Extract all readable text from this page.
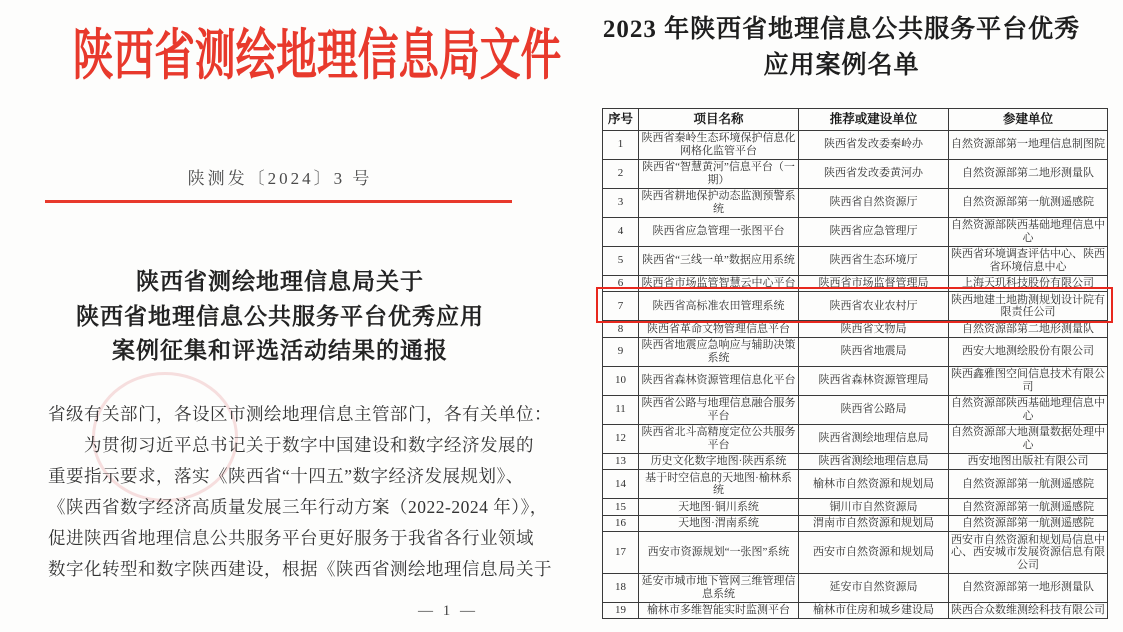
陕西省测绘地理信息局文件
陕测发〔2024〕3 号
陕西省测绘地理信息局关于
陕西省地理信息公共服务平台优秀应用
案例征集和评选活动结果的通报
省级有关部门，各设区市测绘地理信息主管部门，各有关单位：
为贯彻习近平总书记关于数字中国建设和数字经济发展的
重要指示要求，落实《陕西省“十四五”数字经济发展规划》、
《陕西省数字经济高质量发展三年行动方案（2022-2024 年）》，
促进陕西省地理信息公共服务平台更好服务于我省各行业领域
数字化转型和数字陕西建设，根据《陕西省测绘地理信息局关于
— 1 —
2023 年陕西省地理信息公共服务平台优秀
应用案例名单
序号	项目名称	推荐或建设单位	参建单位
1	陕西省秦岭生态环境保护信息化网格化监管平台	陕西省发改委秦岭办	自然资源部第一地理信息制图院
2	陕西省“智慧黄河”信息平台（一期）	陕西省发改委黄河办	自然资源部第二地形测量队
3	陕西省耕地保护动态监测预警系统	陕西省自然资源厅	自然资源部第一航测遥感院
4	陕西省应急管理一张图平台	陕西省应急管理厅	自然资源部陕西基础地理信息中心
5	陕西省“三线一单”数据应用系统	陕西省生态环境厅	陕西省环境调查评估中心、陕西省环境信息中心
6	陕西省市场监管智慧云中心平台	陕西省市场监督管理局	上海天玑科技股份有限公司
7	陕西省高标准农田管理系统	陕西省农业农村厅	陕西地建土地勘测规划设计院有限责任公司
8	陕西省革命文物管理信息平台	陕西省文物局	自然资源部第二地形测量队
9	陕西省地震应急响应与辅助决策系统	陕西省地震局	西安大地测绘股份有限公司
10	陕西省森林资源管理信息化平台	陕西省森林资源管理局	陕西鑫雅图空间信息技术有限公司
11	陕西省公路与地理信息融合服务平台	陕西省公路局	自然资源部陕西基础地理信息中心
12	陕西省北斗高精度定位公共服务平台	陕西省测绘地理信息局	自然资源部大地测量数据处理中心
13	历史文化数字地图·陕西系统	陕西省测绘地理信息局	西安地图出版社有限公司
14	基于时空信息的天地图·榆林系统	榆林市自然资源和规划局	自然资源部第一航测遥感院
15	天地图·铜川系统	铜川市自然资源局	自然资源部第一航测遥感院
16	天地图·渭南系统	渭南市自然资源和规划局	自然资源部第一航测遥感院
17	西安市资源规划“一张图”系统	西安市自然资源和规划局	西安市自然资源和规划局信息中心、西安城市发展资源信息有限公司
18	延安市城市地下管网三维管理信息系统	延安市自然资源局	自然资源部第一地形测量队
19	榆林市多维智能实时监测平台	榆林市住房和城乡建设局	陕西合众数维测绘科技有限公司
